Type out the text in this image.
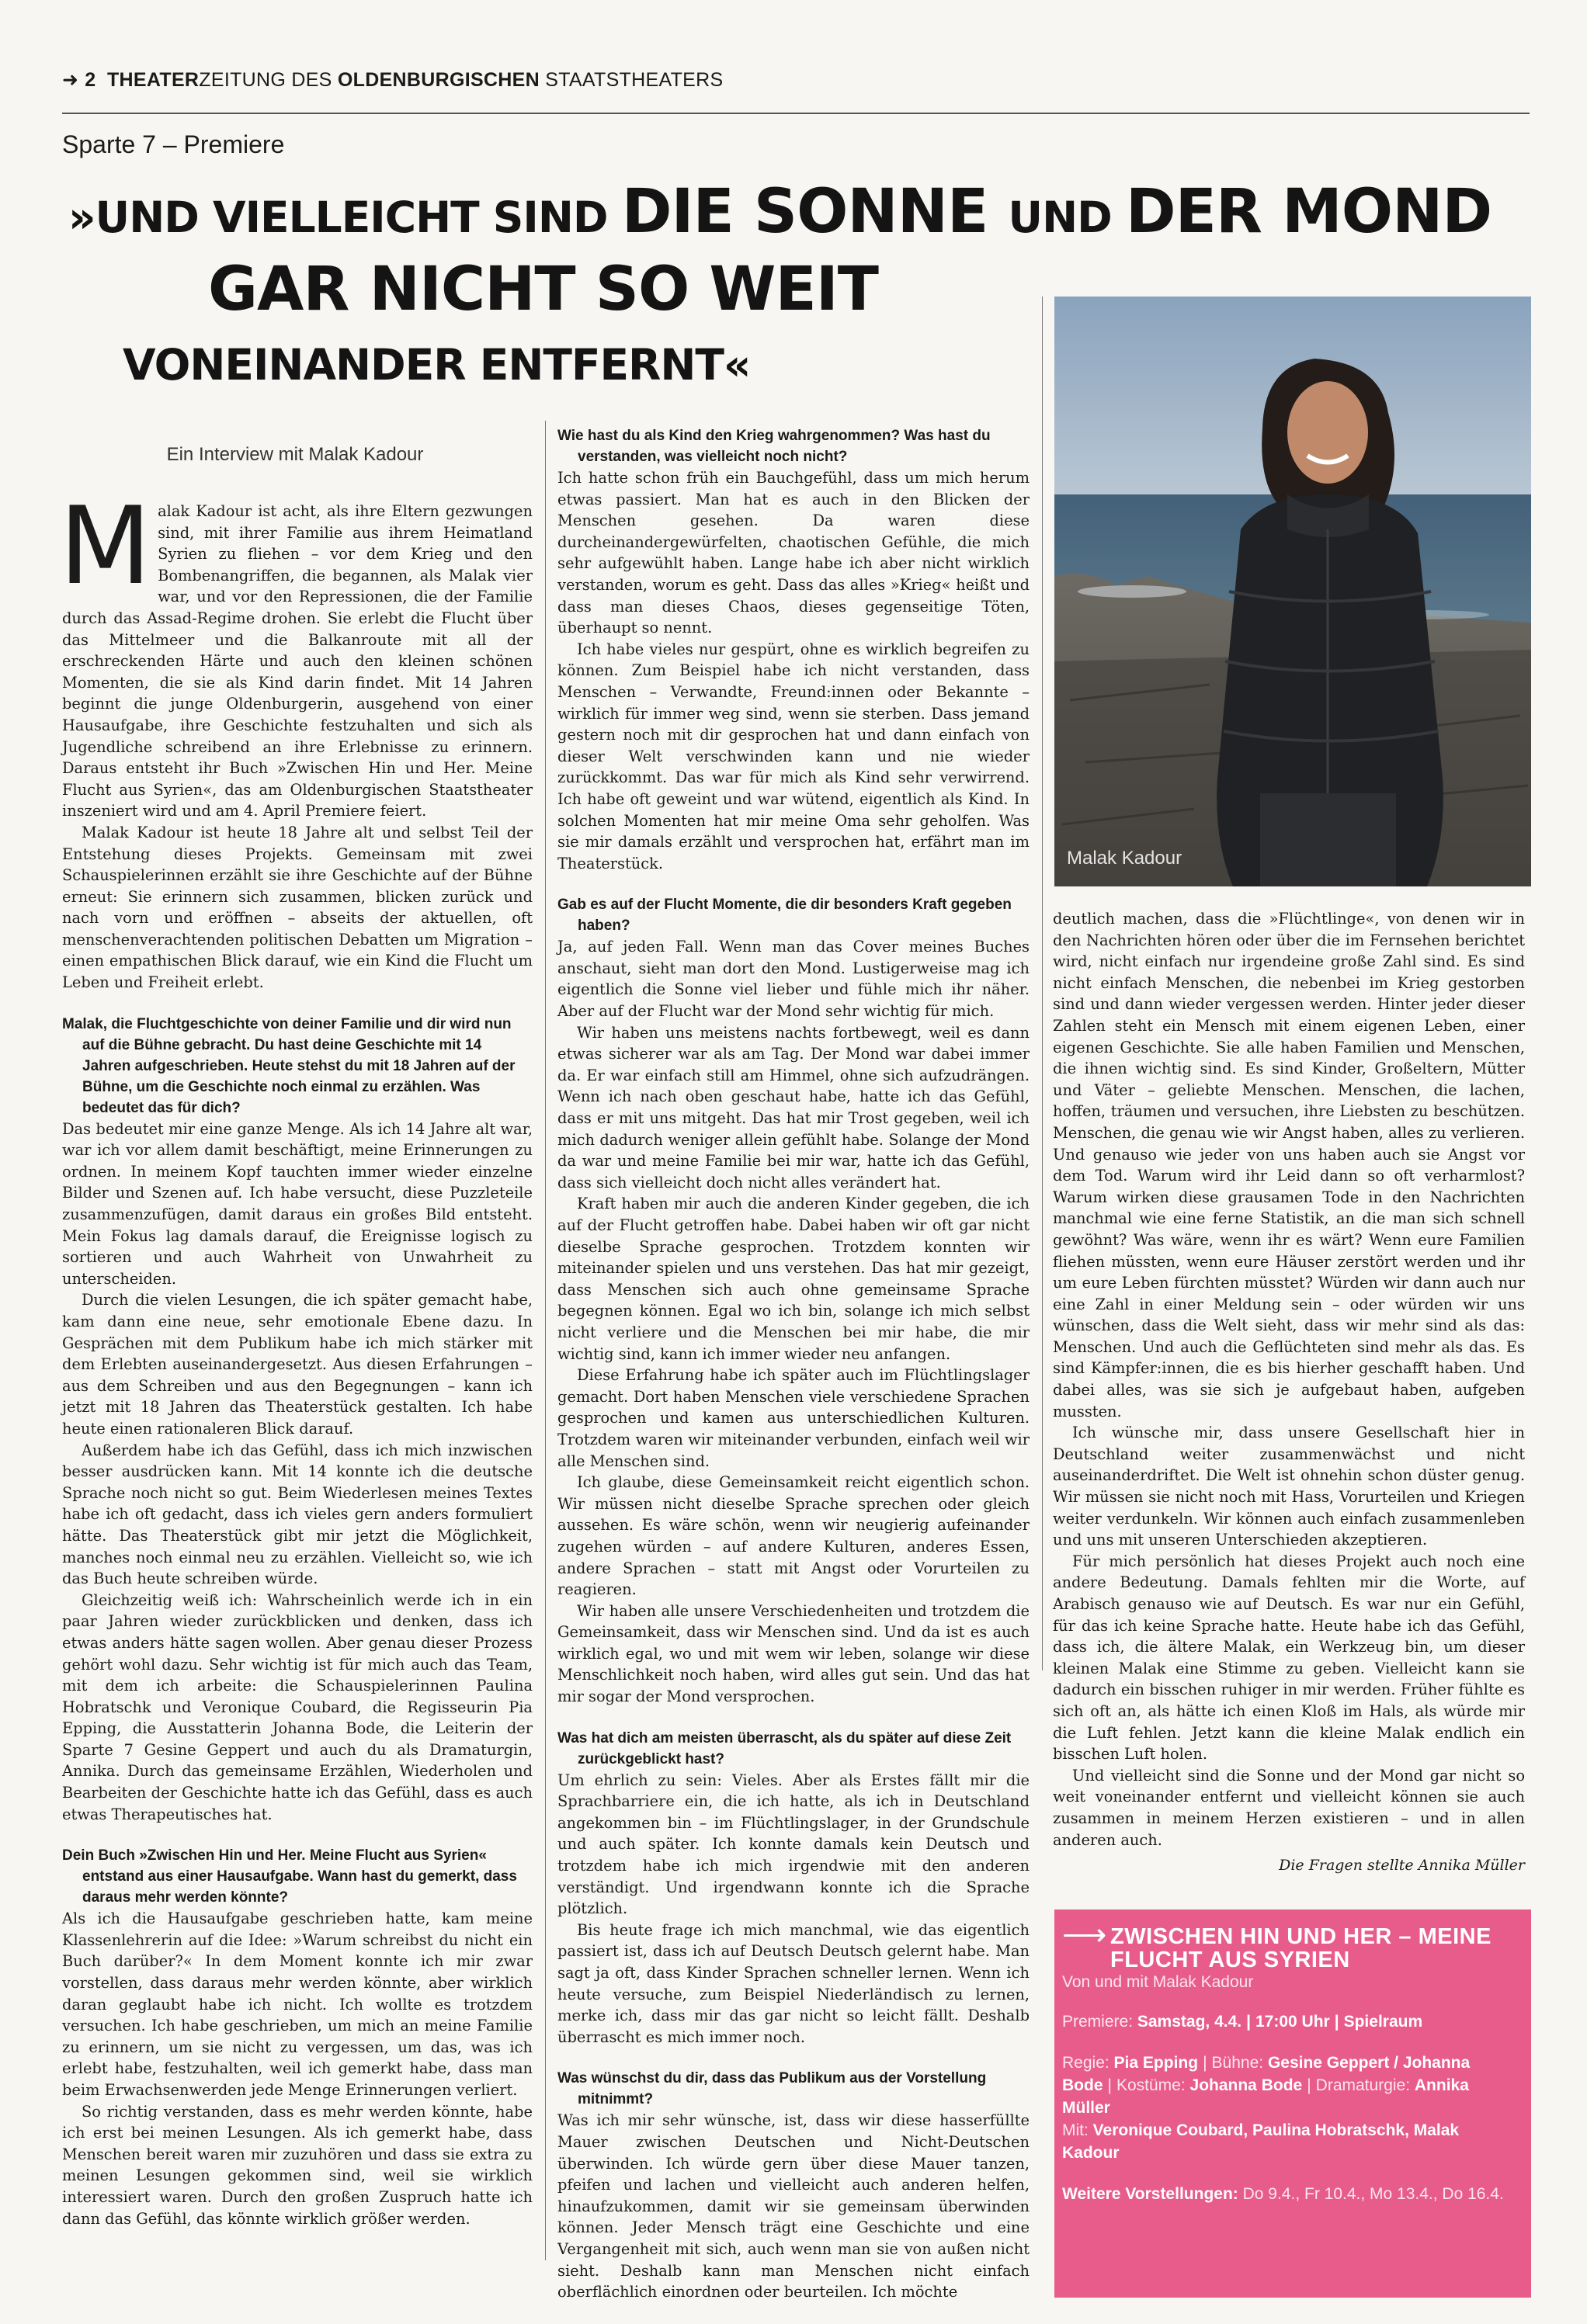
➜ 2 THEATERZEITUNG DES OLDENBURGISCHEN STAATSTHEATERS
Sparte 7 – Premiere
»UND VIELLEICHT SIND DIE SONNE UND DER MOND
GAR NICHT SO WEIT
VONEINANDER ENTFERNT«
Ein Interview mit Malak Kadour

Malak Kadour ist acht, als ihre Eltern gezwungen sind, mit ihrer Familie aus ihrem Heimatland Syrien zu fliehen – vor dem Krieg und den Bombenangriffen, die begannen, als Malak vier war, und vor den Repressionen, die der Familie durch das Assad-Regime drohen. Sie erlebt die Flucht über das Mittelmeer und die Balkanroute mit all der erschreckenden Härte und auch den kleinen schönen Momenten, die sie als Kind darin findet. Mit 14 Jahren beginnt die junge Oldenburgerin, ausgehend von einer Hausaufgabe, ihre Geschichte festzuhalten und sich als Jugendliche schreibend an ihre Erlebnisse zu erinnern. Daraus entsteht ihr Buch »Zwischen Hin und Her. Meine Flucht aus Syrien«, das am Oldenburgischen Staatstheater inszeniert wird und am 4. April Premiere feiert.

Malak Kadour ist heute 18 Jahre alt und selbst Teil der Entstehung dieses Projekts. Gemeinsam mit zwei Schauspielerinnen erzählt sie ihre Geschichte auf der Bühne erneut: Sie erinnern sich zusammen, blicken zurück und nach vorn und eröffnen – abseits der aktuellen, oft menschenverachtenden politischen Debatten um Migration – einen empathischen Blick darauf, wie ein Kind die Flucht um Leben und Freiheit erlebt.

Malak, die Fluchtgeschichte von deiner Familie und dir wird nun auf die Bühne gebracht. Du hast deine Geschichte mit 14 Jahren aufgeschrieben. Heute stehst du mit 18 Jahren auf der Bühne, um die Geschichte noch einmal zu erzählen. Was bedeutet das für dich?

Das bedeutet mir eine ganze Menge. Als ich 14 Jahre alt war, war ich vor allem damit beschäftigt, meine Erinnerungen zu ordnen. In meinem Kopf tauchten immer wieder einzelne Bilder und Szenen auf. Ich habe versucht, diese Puzzleteile zusammenzufügen, damit daraus ein großes Bild entsteht. Mein Fokus lag damals darauf, die Ereignisse logisch zu sortieren und auch Wahrheit von Unwahrheit zu unterscheiden.

Durch die vielen Lesungen, die ich später gemacht habe, kam dann eine neue, sehr emotionale Ebene dazu. In Gesprächen mit dem Publikum habe ich mich stärker mit dem Erlebten auseinandergesetzt. Aus diesen Erfahrungen – aus dem Schreiben und aus den Begegnungen – kann ich jetzt mit 18 Jahren das Theaterstück gestalten. Ich habe heute einen rationaleren Blick darauf.

Außerdem habe ich das Gefühl, dass ich mich inzwischen besser ausdrücken kann. Mit 14 konnte ich die deutsche Sprache noch nicht so gut. Beim Wiederlesen meines Textes habe ich oft gedacht, dass ich vieles gern anders formuliert hätte. Das Theaterstück gibt mir jetzt die Möglichkeit, manches noch einmal neu zu erzählen. Vielleicht so, wie ich das Buch heute schreiben würde.

Gleichzeitig weiß ich: Wahrscheinlich werde ich in ein paar Jahren wieder zurückblicken und denken, dass ich etwas anders hätte sagen wollen. Aber genau dieser Prozess gehört wohl dazu. Sehr wichtig ist für mich auch das Team, mit dem ich arbeite: die Schauspielerinnen Paulina Hobratschk und Veronique Coubard, die Regisseurin Pia Epping, die Ausstatterin Johanna Bode, die Leiterin der Sparte 7 Gesine Geppert und auch du als Dramaturgin, Annika. Durch das gemeinsame Erzählen, Wiederholen und Bearbeiten der Geschichte hatte ich das Gefühl, dass es auch etwas Therapeutisches hat.

Dein Buch »Zwischen Hin und Her. Meine Flucht aus Syrien« entstand aus einer Hausaufgabe. Wann hast du gemerkt, dass daraus mehr werden könnte?

Als ich die Hausaufgabe geschrieben hatte, kam meine Klassenlehrerin auf die Idee: »Warum schreibst du nicht ein Buch darüber?« In dem Moment konnte ich mir zwar vorstellen, dass daraus mehr werden könnte, aber wirklich daran geglaubt habe ich nicht. Ich wollte es trotzdem versuchen. Ich habe geschrieben, um mich an meine Familie zu erinnern, um sie nicht zu vergessen, um das, was ich erlebt habe, festzuhalten, weil ich gemerkt habe, dass man beim Erwachsenwerden jede Menge Erinnerungen verliert.

So richtig verstanden, dass es mehr werden könnte, habe ich erst bei meinen Lesungen. Als ich gemerkt habe, dass Menschen bereit waren mir zuzuhören und dass sie extra zu meinen Lesungen gekommen sind, weil sie wirklich interessiert waren. Durch den großen Zuspruch hatte ich dann das Gefühl, das könnte wirklich größer werden.

Wie hast du als Kind den Krieg wahrgenommen? Was hast du verstanden, was vielleicht noch nicht?

Ich hatte schon früh ein Bauchgefühl, dass um mich herum etwas passiert. Man hat es auch in den Blicken der Menschen gesehen. Da waren diese durcheinandergewürfelten, chaotischen Gefühle, die mich sehr aufgewühlt haben. Lange habe ich aber nicht wirklich verstanden, worum es geht. Dass das alles »Krieg« heißt und dass man dieses Chaos, dieses gegenseitige Töten, überhaupt so nennt.

Ich habe vieles nur gespürt, ohne es wirklich begreifen zu können. Zum Beispiel habe ich nicht verstanden, dass Menschen – Verwandte, Freund:innen oder Bekannte – wirklich für immer weg sind, wenn sie sterben. Dass jemand gestern noch mit dir gesprochen hat und dann einfach von dieser Welt verschwinden kann und nie wieder zurückkommt. Das war für mich als Kind sehr verwirrend. Ich habe oft geweint und war wütend, eigentlich als Kind. In solchen Momenten hat mir meine Oma sehr geholfen. Was sie mir damals erzählt und versprochen hat, erfährt man im Theaterstück.

Gab es auf der Flucht Momente, die dir besonders Kraft gegeben haben?

Ja, auf jeden Fall. Wenn man das Cover meines Buches anschaut, sieht man dort den Mond. Lustigerweise mag ich eigentlich die Sonne viel lieber und fühle mich ihr näher. Aber auf der Flucht war der Mond sehr wichtig für mich.

Wir haben uns meistens nachts fortbewegt, weil es dann etwas sicherer war als am Tag. Der Mond war dabei immer da. Er war einfach still am Himmel, ohne sich aufzudrängen. Wenn ich nach oben geschaut habe, hatte ich das Gefühl, dass er mit uns mitgeht. Das hat mir Trost gegeben, weil ich mich dadurch weniger allein gefühlt habe. Solange der Mond da war und meine Familie bei mir war, hatte ich das Gefühl, dass sich vielleicht doch nicht alles verändert hat.

Kraft haben mir auch die anderen Kinder gegeben, die ich auf der Flucht getroffen habe. Dabei haben wir oft gar nicht dieselbe Sprache gesprochen. Trotzdem konnten wir miteinander spielen und uns verstehen. Das hat mir gezeigt, dass Menschen sich auch ohne gemeinsame Sprache begegnen können. Egal wo ich bin, solange ich mich selbst nicht verliere und die Menschen bei mir habe, die mir wichtig sind, kann ich immer wieder neu anfangen.

Diese Erfahrung habe ich später auch im Flüchtlingslager gemacht. Dort haben Menschen viele verschiedene Sprachen gesprochen und kamen aus unterschiedlichen Kulturen. Trotzdem waren wir miteinander verbunden, einfach weil wir alle Menschen sind.

Ich glaube, diese Gemeinsamkeit reicht eigentlich schon. Wir müssen nicht dieselbe Sprache sprechen oder gleich aussehen. Es wäre schön, wenn wir neugierig aufeinander zugehen würden – auf andere Kulturen, anderes Essen, andere Sprachen – statt mit Angst oder Vorurteilen zu reagieren.

Wir haben alle unsere Verschiedenheiten und trotzdem die Gemeinsamkeit, dass wir Menschen sind. Und da ist es auch wirklich egal, wo und mit wem wir leben, solange wir diese Menschlichkeit noch haben, wird alles gut sein. Und das hat mir sogar der Mond versprochen.

Was hat dich am meisten überrascht, als du später auf diese Zeit zurückgeblickt hast?

Um ehrlich zu sein: Vieles. Aber als Erstes fällt mir die Sprachbarriere ein, die ich hatte, als ich in Deutschland angekommen bin – im Flüchtlingslager, in der Grundschule und auch später. Ich konnte damals kein Deutsch und trotzdem habe ich mich irgendwie mit den anderen verständigt. Und irgendwann konnte ich die Sprache plötzlich.

Bis heute frage ich mich manchmal, wie das eigentlich passiert ist, dass ich auf Deutsch Deutsch gelernt habe. Man sagt ja oft, dass Kinder Sprachen schneller lernen. Wenn ich heute versuche, zum Beispiel Niederländisch zu lernen, merke ich, dass mir das gar nicht so leicht fällt. Deshalb überrascht es mich immer noch.

Was wünschst du dir, dass das Publikum aus der Vorstellung mitnimmt?

Was ich mir sehr wünsche, ist, dass wir diese hasserfüllte Mauer zwischen Deutschen und Nicht-Deutschen überwinden. Ich würde gern über diese Mauer tanzen, pfeifen und lachen und vielleicht auch anderen helfen, hinaufzukommen, damit wir sie gemeinsam überwinden können. Jeder Mensch trägt eine Geschichte und eine Vergangenheit mit sich, auch wenn man sie von außen nicht sieht. Deshalb kann man Menschen nicht einfach oberflächlich einordnen oder beurteilen. Ich möchte

Malak Kadour

deutlich machen, dass die »Flüchtlinge«, von denen wir in den Nachrichten hören oder über die im Fernsehen berichtet wird, nicht einfach nur irgendeine große Zahl sind. Es sind nicht einfach Menschen, die nebenbei im Krieg gestorben sind und dann wieder vergessen werden. Hinter jeder dieser Zahlen steht ein Mensch mit einem eigenen Leben, einer eigenen Geschichte. Sie alle haben Familien und Menschen, die ihnen wichtig sind. Es sind Kinder, Großeltern, Mütter und Väter – geliebte Menschen. Menschen, die lachen, hoffen, träumen und versuchen, ihre Liebsten zu beschützen. Menschen, die genau wie wir Angst haben, alles zu verlieren. Und genauso wie jeder von uns haben auch sie Angst vor dem Tod. Warum wird ihr Leid dann so oft verharmlost? Warum wirken diese grausamen Tode in den Nachrichten manchmal wie eine ferne Statistik, an die man sich schnell gewöhnt? Was wäre, wenn ihr es wärt? Wenn eure Familien fliehen müssten, wenn eure Häuser zerstört werden und ihr um eure Leben fürchten müsstet? Würden wir dann auch nur eine Zahl in einer Meldung sein – oder würden wir uns wünschen, dass die Welt sieht, dass wir mehr sind als das: Menschen. Und auch die Geflüchteten sind mehr als das. Es sind Kämpfer:innen, die es bis hierher geschafft haben. Und dabei alles, was sie sich je aufgebaut haben, aufgeben mussten.

Ich wünsche mir, dass unsere Gesellschaft hier in Deutschland weiter zusammenwächst und nicht auseinanderdriftet. Die Welt ist ohnehin schon düster genug. Wir müssen sie nicht noch mit Hass, Vorurteilen und Kriegen weiter verdunkeln. Wir können auch einfach zusammenleben und uns mit unseren Unterschieden akzeptieren.

Für mich persönlich hat dieses Projekt auch noch eine andere Bedeutung. Damals fehlten mir die Worte, auf Arabisch genauso wie auf Deutsch. Es war nur ein Gefühl, für das ich keine Sprache hatte. Heute habe ich das Gefühl, dass ich, die ältere Malak, ein Werkzeug bin, um dieser kleinen Malak eine Stimme zu geben. Vielleicht kann sie dadurch ein bisschen ruhiger in mir werden. Früher fühlte es sich oft an, als hätte ich einen Kloß im Hals, als würde mir die Luft fehlen. Jetzt kann die kleine Malak endlich ein bisschen Luft holen.

Und vielleicht sind die Sonne und der Mond gar nicht so weit voneinander entfernt und vielleicht können sie auch zusammen in meinem Herzen existieren – und in allen anderen auch.

Die Fragen stellte Annika Müller
⟶ ZWISCHEN HIN UND HER – MEINE FLUCHT AUS SYRIEN
Von und mit Malak Kadour
Premiere: Samstag, 4.4. | 17:00 Uhr | Spielraum
Regie: Pia Epping | Bühne: Gesine Geppert / Johanna Bode | Kostüme: Johanna Bode | Dramaturgie: Annika Müller
Mit: Veronique Coubard, Paulina Hobratschk, Malak Kadour
Weitere Vorstellungen: Do 9.4., Fr 10.4., Mo 13.4., Do 16.4.
